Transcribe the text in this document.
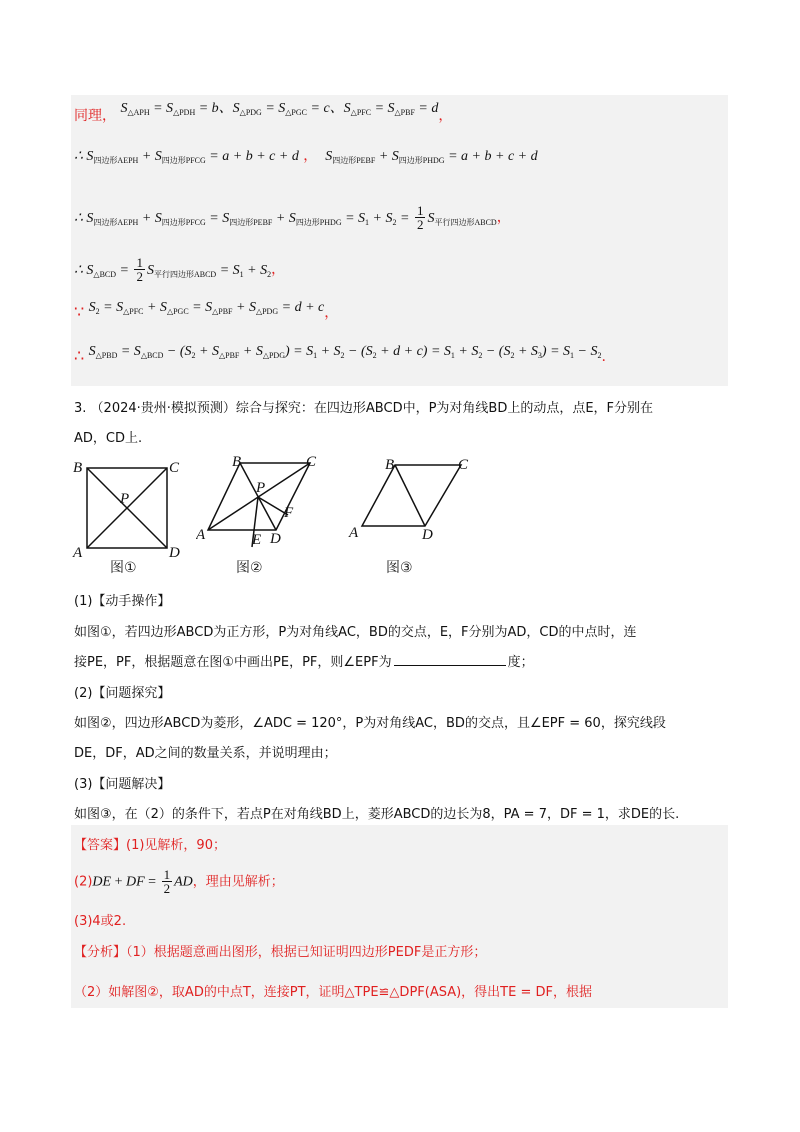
同理， $S_{\triangle APH} = S_{\triangle PDH} = b$、$S_{\triangle PDG} = S_{\triangle PGC} = c$、$S_{\triangle PFC} = S_{\triangle PBF} = d$，
∴ $S_{四边形AEPH} + S_{四边形PFCG} = a + b + c + d$ ，  $S_{四边形PEBF} + S_{四边形PHDG} = a + b + c + d$
∴ $S_{四边形AEPH} + S_{四边形PFCG} = S_{四边形PEBF} + S_{四边形PHDG} = S_1 + S_2 = \frac{1}{2} S_{平行四边形ABCD}$，
∴ $S_{\triangle BCD} = \frac{1}{2} S_{平行四边形ABCD} = S_1 + S_2$，
∵ $S_2 = S_{\triangle PFC} + S_{\triangle PGC} = S_{\triangle PBF} + S_{\triangle PDG} = d + c$，
∴ $S_{\triangle PBD} = S_{\triangle BCD} - (S_2 + S_{\triangle PBF} + S_{\triangle PDG}) = S_1 + S_2 - (S_2 + d + c) = S_1 + S_2 - (S_2 + S_3) = S_1 - S_2$.
3. （2024·贵州·模拟预测）综合与探究：在四边形ABCD中，P为对角线BD上的动点，点E，F分别在
AD，CD上.
B	C
A	D
P
B	C
A	D
P
F
E
B	C
A	D
图①	图②	图③
(1)【动手操作】
如图①，若四边形ABCD为正方形，P为对角线AC，BD的交点，E，F分别为AD，CD的中点时，连
接PE，PF，根据题意在图①中画出PE，PF，则∠EPF为	度；
(2)【问题探究】
如图②，四边形ABCD为菱形，∠ADC = 120°，P为对角线AC，BD的交点，且∠EPF = 60，探究线段
DE，DF，AD之间的数量关系，并说明理由；
(3)【问题解决】
如图③，在（2）的条件下，若点P在对角线BD上，菱形ABCD的边长为8，PA = 7，DF = 1，求DE的长.
【答案】(1)见解析，90；
(2)DE + DF = $\frac{1}{2}$ AD，理由见解析；
(3)4或2.
【分析】（1）根据题意画出图形，根据已知证明四边形PEDF是正方形；
（2）如解图②，取AD的中点T，连接PT，证明△TPE≌△DPF(ASA)，得出TE = DF，根据
